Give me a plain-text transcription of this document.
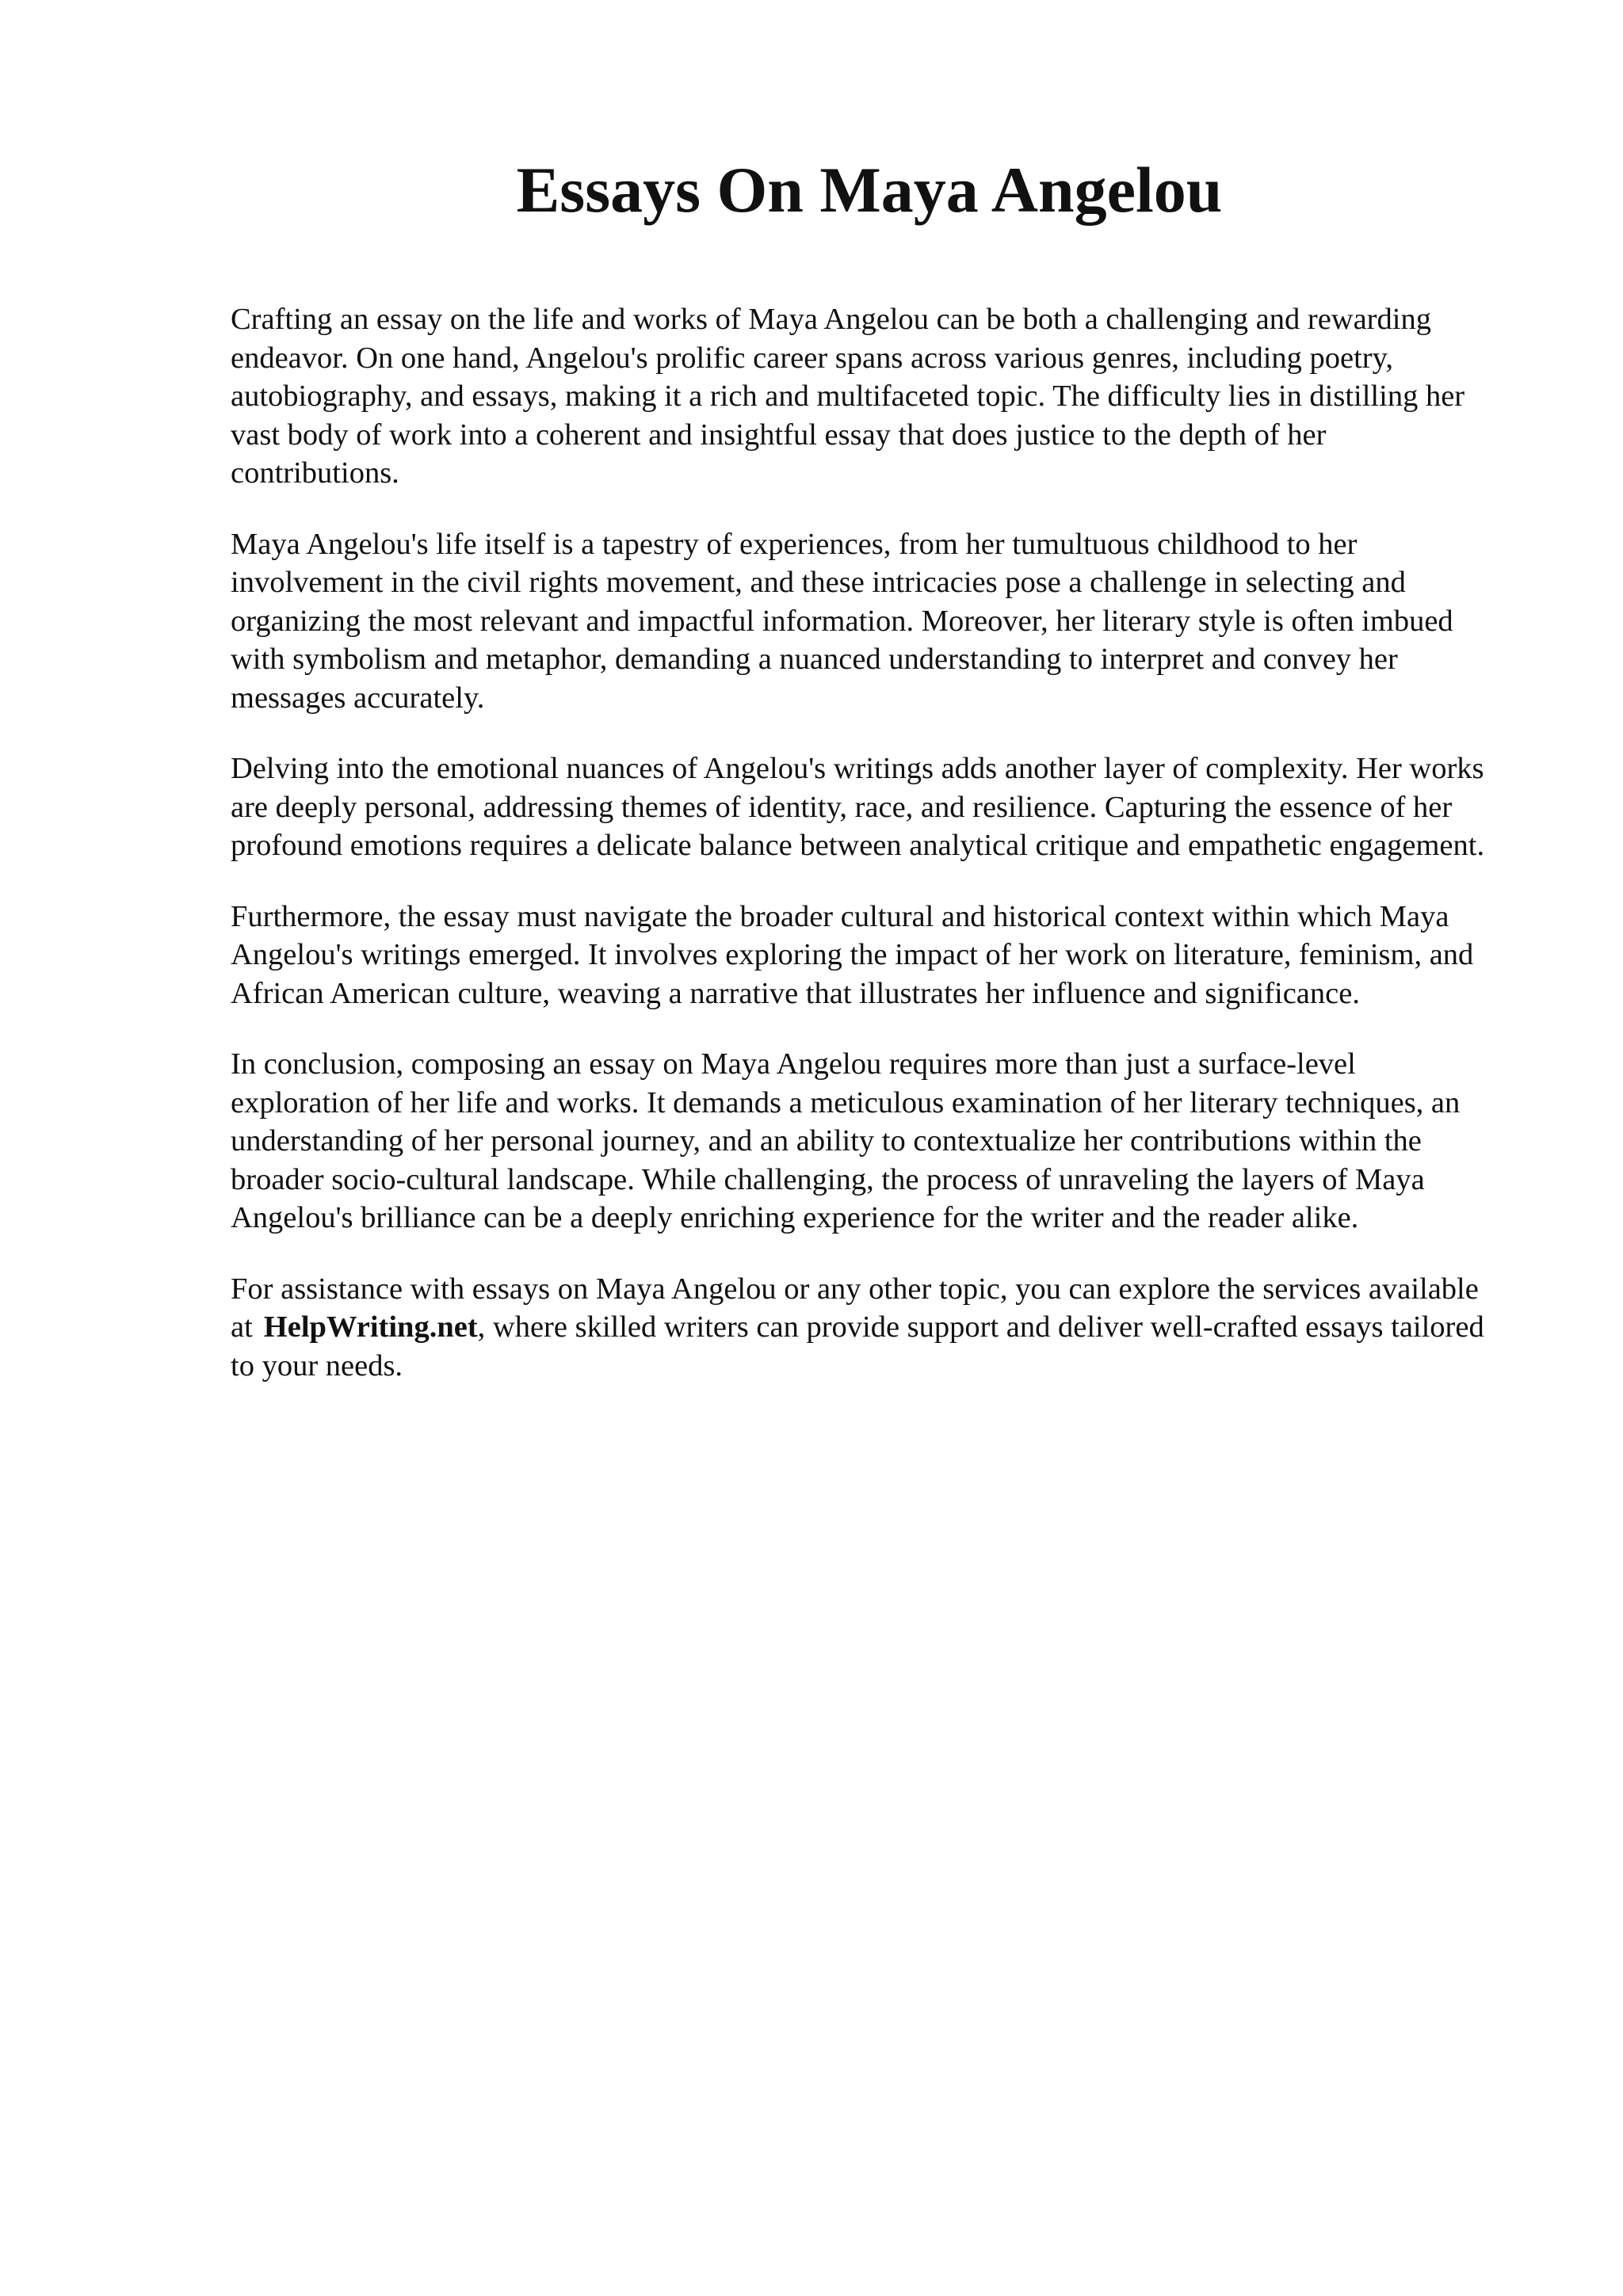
Essays On Maya Angelou

Crafting an essay on the life and works of Maya Angelou can be both a challenging and rewarding endeavor. On one hand, Angelou's prolific career spans across various genres, including poetry, autobiography, and essays, making it a rich and multifaceted topic. The difficulty lies in distilling her vast body of work into a coherent and insightful essay that does justice to the depth of her contributions.

Maya Angelou's life itself is a tapestry of experiences, from her tumultuous childhood to her involvement in the civil rights movement, and these intricacies pose a challenge in selecting and organizing the most relevant and impactful information. Moreover, her literary style is often imbued with symbolism and metaphor, demanding a nuanced understanding to interpret and convey her messages accurately.

Delving into the emotional nuances of Angelou's writings adds another layer of complexity. Her works are deeply personal, addressing themes of identity, race, and resilience. Capturing the essence of her profound emotions requires a delicate balance between analytical critique and empathetic engagement.

Furthermore, the essay must navigate the broader cultural and historical context within which Maya Angelou's writings emerged. It involves exploring the impact of her work on literature, feminism, and African American culture, weaving a narrative that illustrates her influence and significance.

In conclusion, composing an essay on Maya Angelou requires more than just a surface-level exploration of her life and works. It demands a meticulous examination of her literary techniques, an understanding of her personal journey, and an ability to contextualize her contributions within the broader socio-cultural landscape. While challenging, the process of unraveling the layers of Maya Angelou's brilliance can be a deeply enriching experience for the writer and the reader alike.

For assistance with essays on Maya Angelou or any other topic, you can explore the services available at HelpWriting.net, where skilled writers can provide support and deliver well-crafted essays tailored to your needs.
